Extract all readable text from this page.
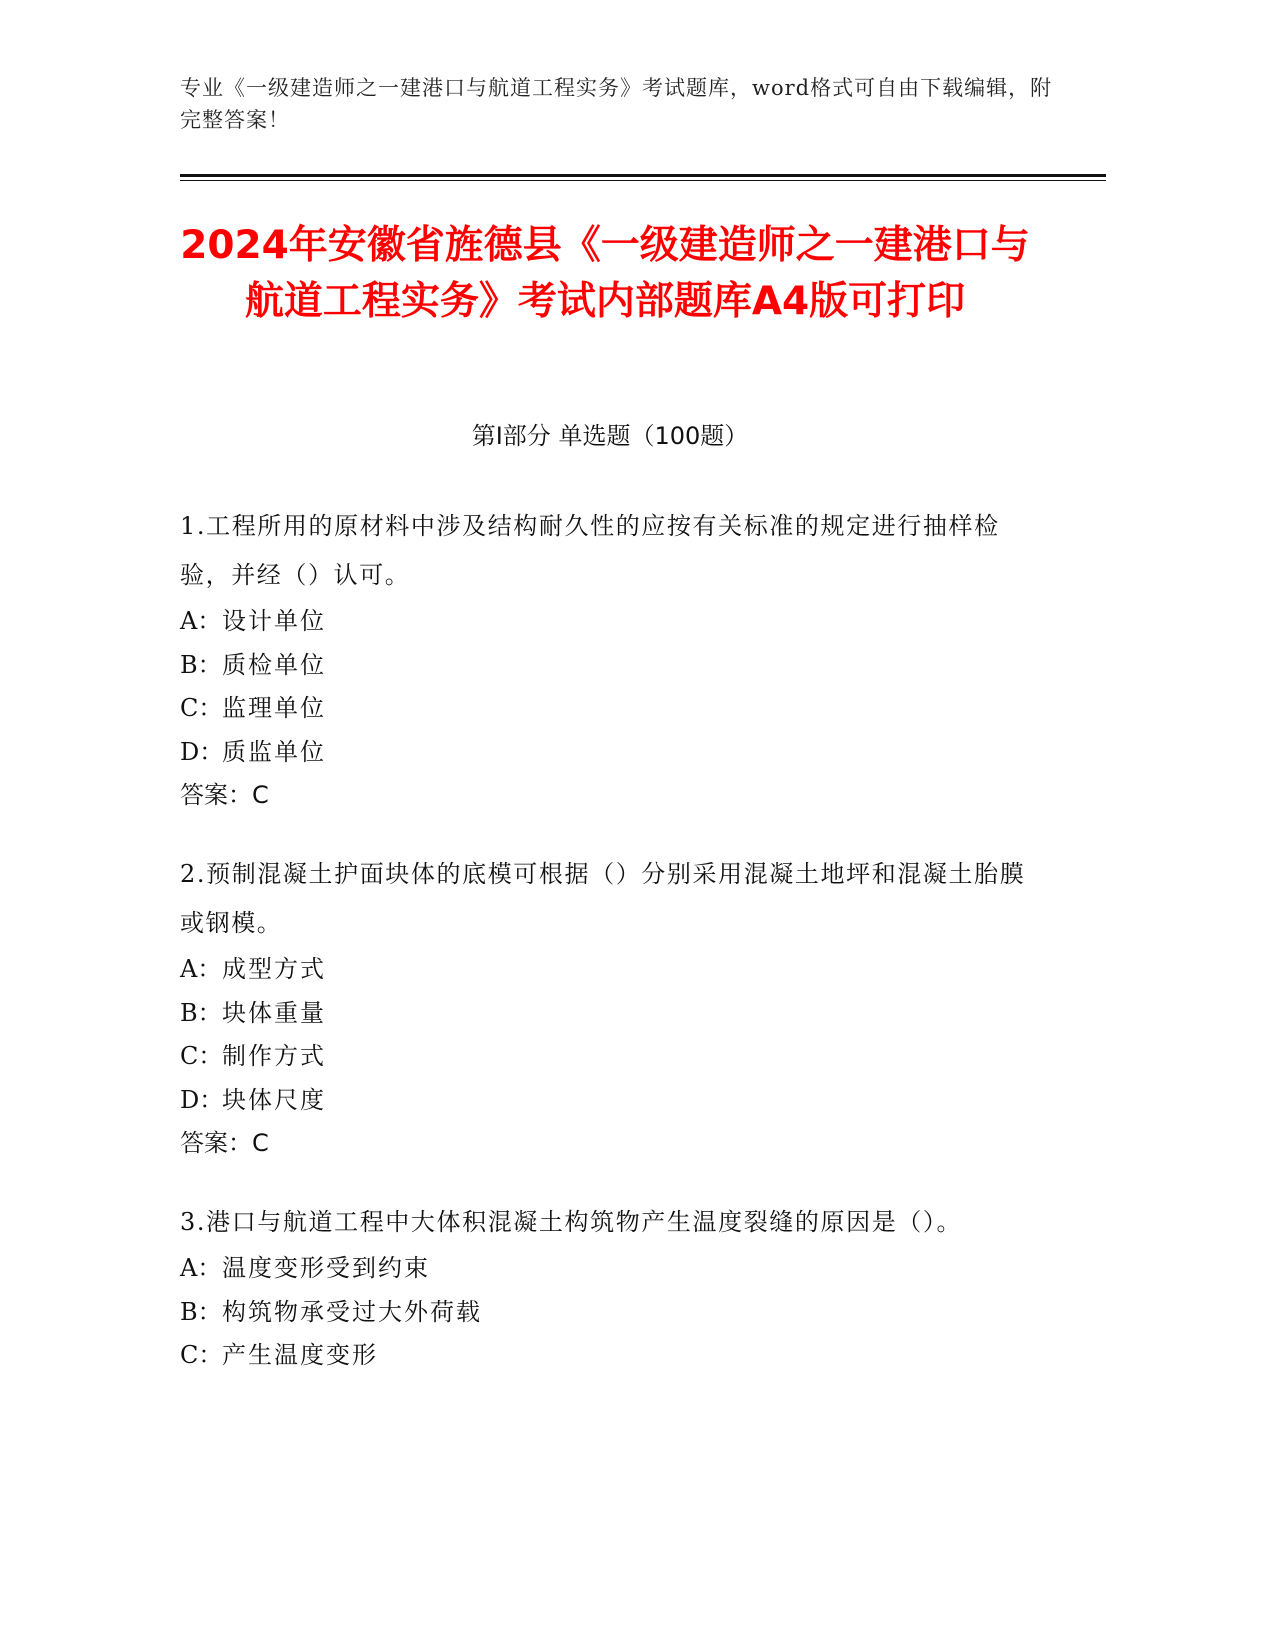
专业《一级建造师之一建港口与航道工程实务》考试题库，word格式可自由下载编辑，附完整答案！
2024年安徽省旌德县《一级建造师之一建港口与航道工程实务》考试内部题库A4版可打印
第Ⅰ部分 单选题（100题）

1.工程所用的原材料中涉及结构耐久性的应按有关标准的规定进行抽样检验，并经（）认可。

A：设计单位

B：质检单位

C：监理单位

D：质监单位

答案：C

2.预制混凝土护面块体的底模可根据（）分别采用混凝土地坪和混凝土胎膜或钢模。

A：成型方式

B：块体重量

C：制作方式

D：块体尺度

答案：C

3.港口与航道工程中大体积混凝土构筑物产生温度裂缝的原因是（）。

A：温度变形受到约束

B：构筑物承受过大外荷载

C：产生温度变形
